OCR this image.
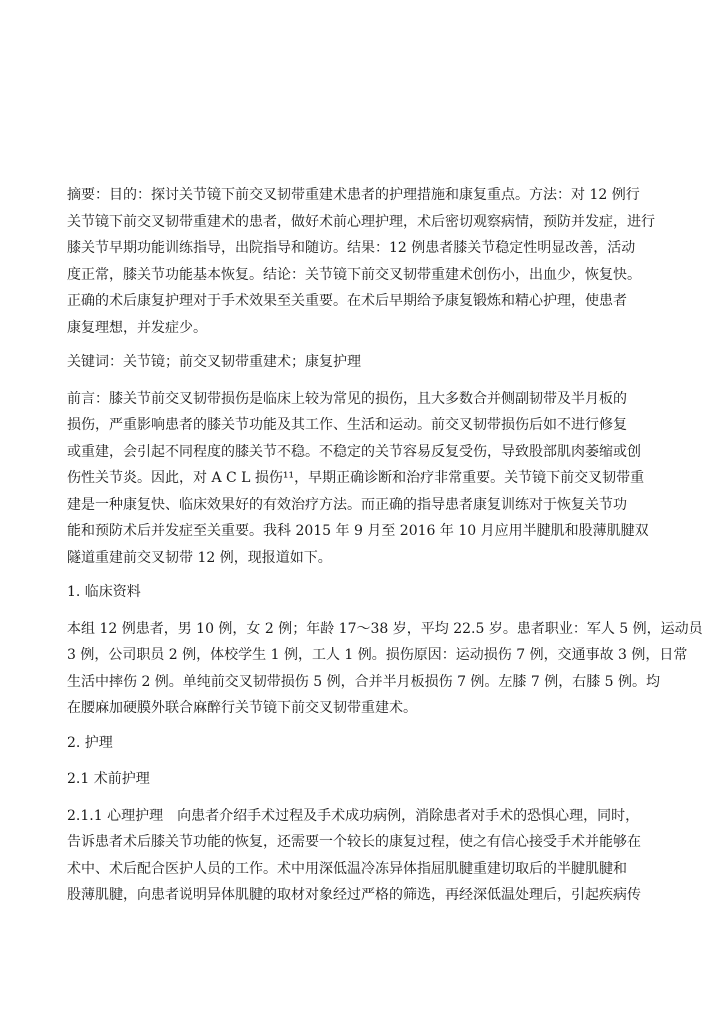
摘要：目的：探讨关节镜下前交叉韧带重建术患者的护理措施和康复重点。方法：对 12 例行
关节镜下前交叉韧带重建术的患者，做好术前心理护理，术后密切观察病情，预防并发症，进行
膝关节早期功能训练指导，出院指导和随访。结果：12 例患者膝关节稳定性明显改善，活动
度正常，膝关节功能基本恢复。结论：关节镜下前交叉韧带重建术创伤小，出血少，恢复快。
正确的术后康复护理对于手术效果至关重要。在术后早期给予康复锻炼和精心护理，使患者
康复理想，并发症少。
关键词：关节镜；前交叉韧带重建术；康复护理
前言：膝关节前交叉韧带损伤是临床上较为常见的损伤，且大多数合并侧副韧带及半月板的
损伤，严重影响患者的膝关节功能及其工作、生活和运动。前交叉韧带损伤后如不进行修复
或重建，会引起不同程度的膝关节不稳。不稳定的关节容易反复受伤，导致股部肌肉萎缩或创
伤性关节炎。因此，对 A C L 损伤¹¹，早期正确诊断和治疗非常重要。关节镜下前交叉韧带重
建是一种康复快、临床效果好的有效治疗方法。而正确的指导患者康复训练对于恢复关节功
能和预防术后并发症至关重要。我科 2015 年 9 月至 2016 年 10 月应用半腱肌和股薄肌腱双
隧道重建前交叉韧带 12 例，现报道如下。
1. 临床资料
本组 12 例患者，男 10 例，女 2 例；年龄 17～38 岁，平均 22.5 岁。患者职业：军人 5 例，运动员
3 例，公司职员 2 例，体校学生 1 例，工人 1 例。损伤原因：运动损伤 7 例，交通事故 3 例，日常
生活中摔伤 2 例。单纯前交叉韧带损伤 5 例，合并半月板损伤 7 例。左膝 7 例，右膝 5 例。均
在腰麻加硬膜外联合麻醉行关节镜下前交叉韧带重建术。
2. 护理
2.1 术前护理
2.1.1 心理护理　向患者介绍手术过程及手术成功病例，消除患者对手术的恐惧心理，同时，
告诉患者术后膝关节功能的恢复，还需要一个较长的康复过程，使之有信心接受手术并能够在
术中、术后配合医护人员的工作。术中用深低温冷冻异体指屈肌腱重建切取后的半腱肌腱和
股薄肌腱，向患者说明异体肌腱的取材对象经过严格的筛选，再经深低温处理后，引起疾病传
